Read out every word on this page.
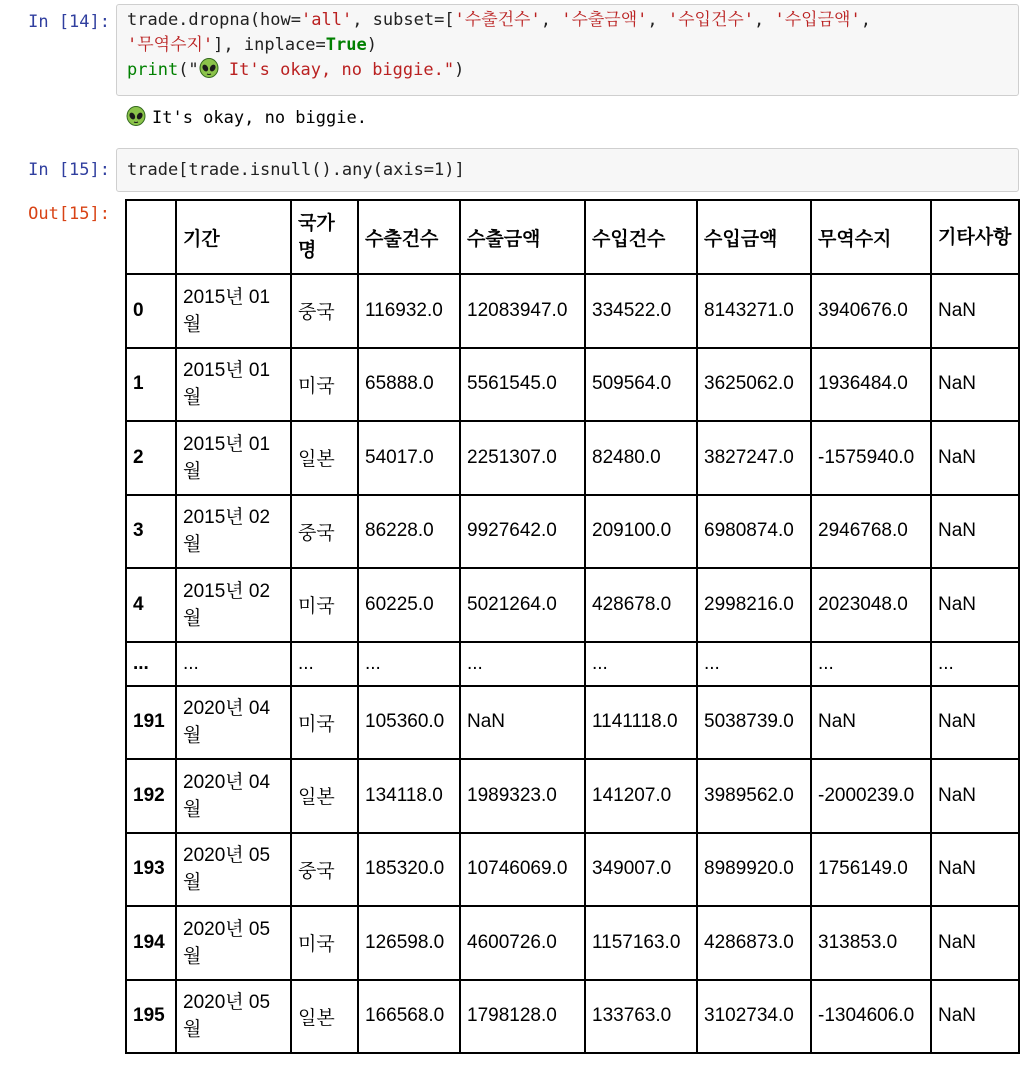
In [14]:	trade.dropna(how='all', subset=['수출건수', '수출금액', '수입건수', '수입금액',
'무역수지'], inplace=True)
print(" It's okay, no biggie.")
It's okay, no biggie.
In [15]:	trade[trade.isnull().any(axis=1)]
Out[15]:
	기간	국가명	수출건수	수출금액	수입건수	수입금액	무역수지	기타사항
0	2015년 01월	중국	116932.0	12083947.0	334522.0	8143271.0	3940676.0	NaN
1	2015년 01월	미국	65888.0	5561545.0	509564.0	3625062.0	1936484.0	NaN
2	2015년 01월	일본	54017.0	2251307.0	82480.0	3827247.0	-1575940.0	NaN
3	2015년 02월	중국	86228.0	9927642.0	209100.0	6980874.0	2946768.0	NaN
4	2015년 02월	미국	60225.0	5021264.0	428678.0	2998216.0	2023048.0	NaN
...	...	...	...	...	...	...	...	...
191	2020년 04월	미국	105360.0	NaN	1141118.0	5038739.0	NaN	NaN
192	2020년 04월	일본	134118.0	1989323.0	141207.0	3989562.0	-2000239.0	NaN
193	2020년 05월	중국	185320.0	10746069.0	349007.0	8989920.0	1756149.0	NaN
194	2020년 05월	미국	126598.0	4600726.0	1157163.0	4286873.0	313853.0	NaN
195	2020년 05월	일본	166568.0	1798128.0	133763.0	3102734.0	-1304606.0	NaN
